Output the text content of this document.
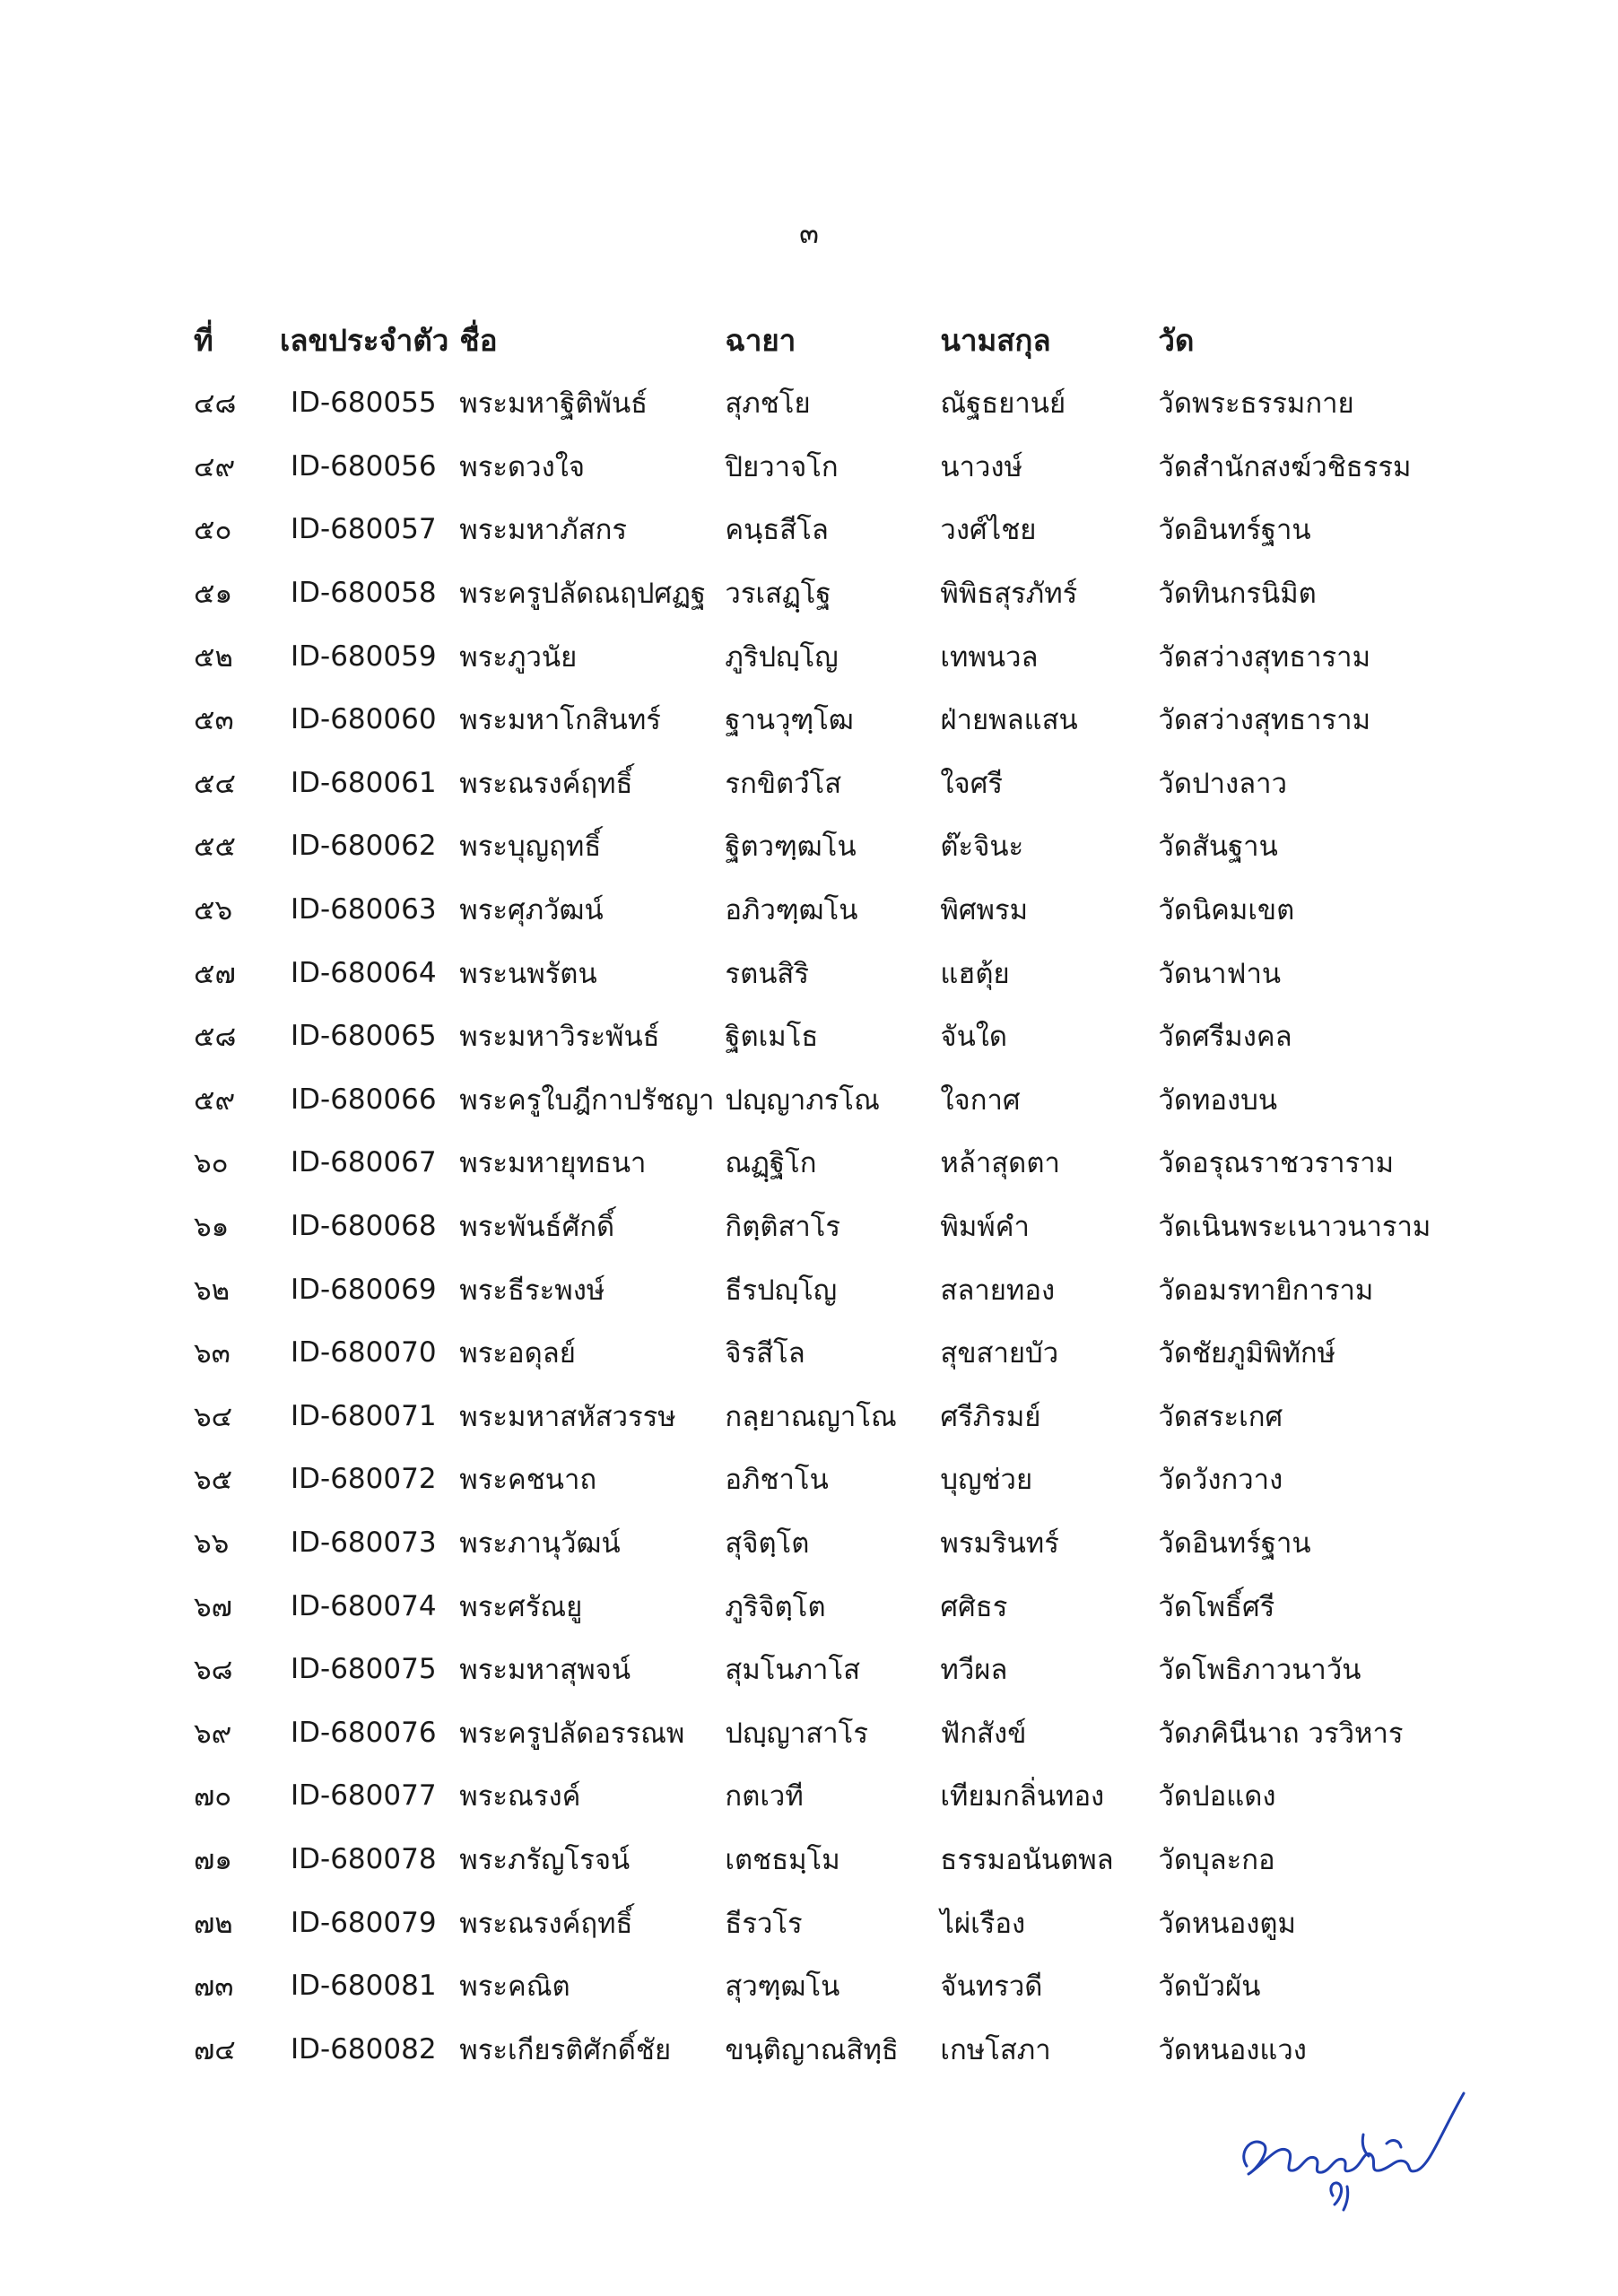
๓
ที่	เลขประจำตัว	ชื่อ	ฉายา	นามสกุล	วัด
๔๘	ID-680055	พระมหาฐิติพันธ์	สุภชโย	ณัฐธยานย์	วัดพระธรรมกาย
๔๙	ID-680056	พระดวงใจ	ปิยวาจโก	นาวงษ์	วัดสำนักสงฆ์วชิธรรม
๕๐	ID-680057	พระมหาภัสกร	คนฺธสีโล	วงศ์ไชย	วัดอินทร์ฐาน
๕๑	ID-680058	พระครูปลัดณฤปศฏฐ	วรเสฏฺโฐ	พิพิธสุรภัทร์	วัดทินกรนิมิต
๕๒	ID-680059	พระภูวนัย	ภูริปญฺโญ	เทพนวล	วัดสว่างสุทธาราม
๕๓	ID-680060	พระมหาโกสินทร์	ฐานวุฑฺโฒ	ฝ่ายพลแสน	วัดสว่างสุทธาราม
๕๔	ID-680061	พระณรงค์ฤทธิ์	รกขิตวํโส	ใจศรี	วัดปางลาว
๕๕	ID-680062	พระบุญฤทธิ์	ฐิตวฑฺฒโน	ต๊ะจินะ	วัดสันฐาน
๕๖	ID-680063	พระศุภวัฒน์	อภิวฑฺฒโน	พิศพรม	วัดนิคมเขต
๕๗	ID-680064	พระนพรัตน	รตนสิริ	แฮตุ้ย	วัดนาฟาน
๕๘	ID-680065	พระมหาวิระพันธ์	ฐิตเมโธ	จันใด	วัดศรีมงคล
๕๙	ID-680066	พระครูใบฎีกาปรัชญา	ปญฺญาภรโณ	ใจกาศ	วัดทองบน
๖๐	ID-680067	พระมหายุทธนา	ณฏฺฐิโก	หล้าสุดตา	วัดอรุณราชวราราม
๖๑	ID-680068	พระพันธ์ศักดิ์	กิตฺติสาโร	พิมพ์คำ	วัดเนินพระเนาวนาราม
๖๒	ID-680069	พระธีระพงษ์	ธีรปญฺโญ	สลายทอง	วัดอมรทายิการาม
๖๓	ID-680070	พระอดุลย์	จิรสีโล	สุขสายบัว	วัดชัยภูมิพิทักษ์
๖๔	ID-680071	พระมหาสหัสวรรษ	กลฺยาณญาโณ	ศรีภิรมย์	วัดสระเกศ
๖๕	ID-680072	พระคชนาถ	อภิชาโน	บุญช่วย	วัดวังกวาง
๖๖	ID-680073	พระภานุวัฒน์	สุจิตฺโต	พรมรินทร์	วัดอินทร์ฐาน
๖๗	ID-680074	พระศรัณยู	ภูริจิตฺโต	ศศิธร	วัดโพธิ์ศรี
๖๘	ID-680075	พระมหาสุพจน์	สุมโนภาโส	ทวีผล	วัดโพธิภาวนาวัน
๖๙	ID-680076	พระครูปลัดอรรณพ	ปญฺญาสาโร	ฟักสังข์	วัดภคินีนาถ วรวิหาร
๗๐	ID-680077	พระณรงค์	กตเวที	เทียมกลิ่นทอง	วัดปอแดง
๗๑	ID-680078	พระภรัญโรจน์	เตชธมฺโม	ธรรมอนันตพล	วัดบุละกอ
๗๒	ID-680079	พระณรงค์ฤทธิ์	ธีรวโร	ไผ่เรือง	วัดหนองตูม
๗๓	ID-680081	พระคณิต	สุวฑฺฒโน	จันทรวดี	วัดบัวผัน
๗๔	ID-680082	พระเกียรติศักดิ์ชัย	ขนฺติญาณสิทฺธิ	เกษโสภา	วัดหนองแวง
